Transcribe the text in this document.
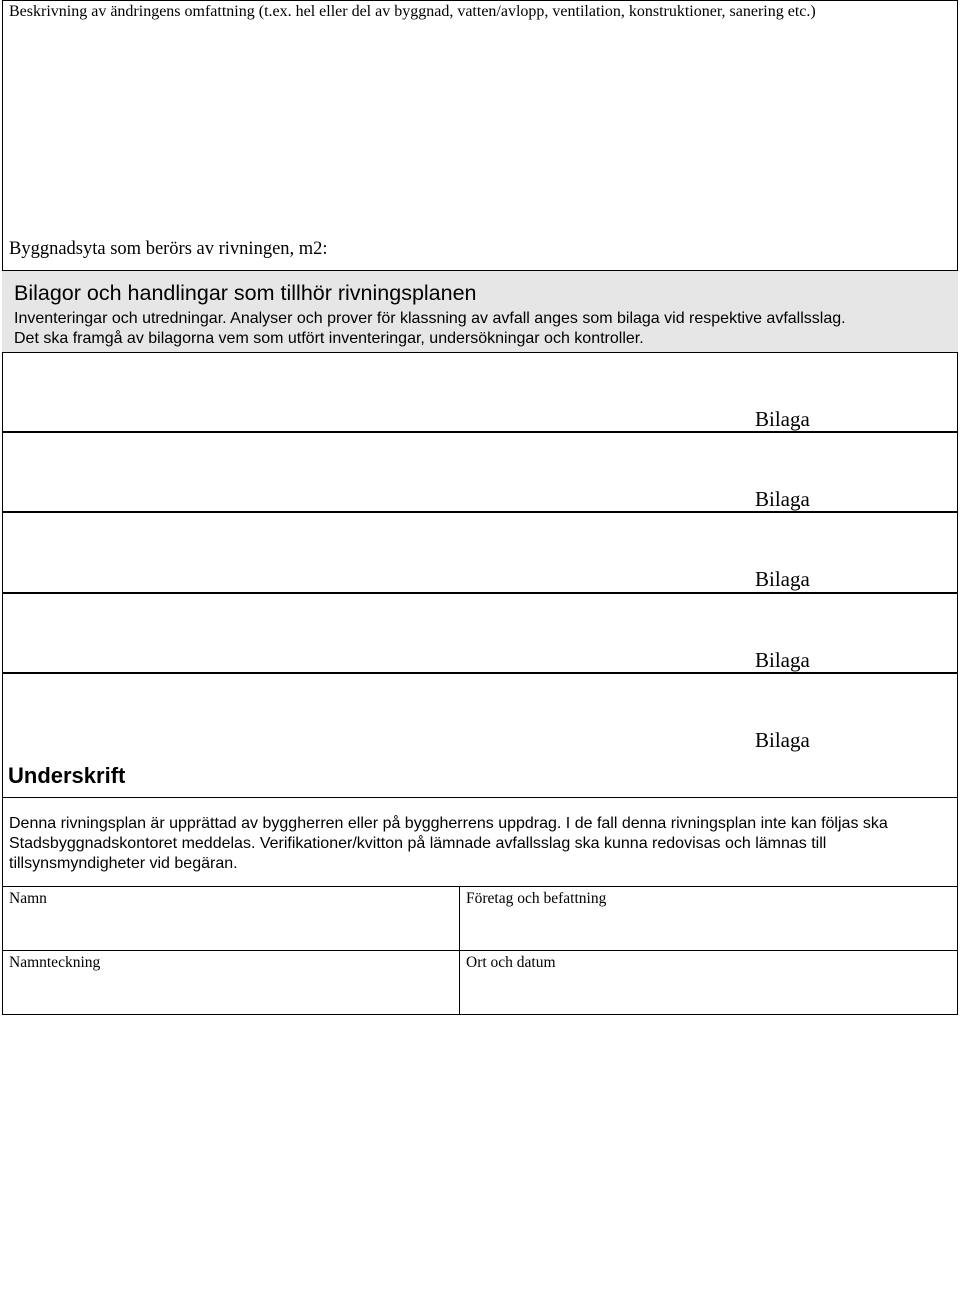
Beskrivning av ändringens omfattning (t.ex. hel eller del av byggnad, vatten/avlopp, ventilation, konstruktioner, sanering etc.)
Byggnadsyta som berörs av rivningen, m2:
Bilagor och handlingar som tillhör rivningsplanen
Inventeringar och utredningar. Analyser och prover för klassning av avfall anges som bilaga vid respektive avfallsslag.
Det ska framgå av bilagorna vem som utfört inventeringar, undersökningar och kontroller.
Bilaga
Bilaga
Bilaga
Bilaga
Bilaga
Underskrift
Denna rivningsplan är upprättad av byggherren eller på byggherrens uppdrag. I de fall denna rivningsplan inte kan följas ska Stadsbyggnadskontoret meddelas. Verifikationer/kvitton på lämnade avfallsslag ska kunna redovisas och lämnas till tillsynsmyndigheter vid begäran.
Namn	Företag och befattning
Namnteckning	Ort och datum
